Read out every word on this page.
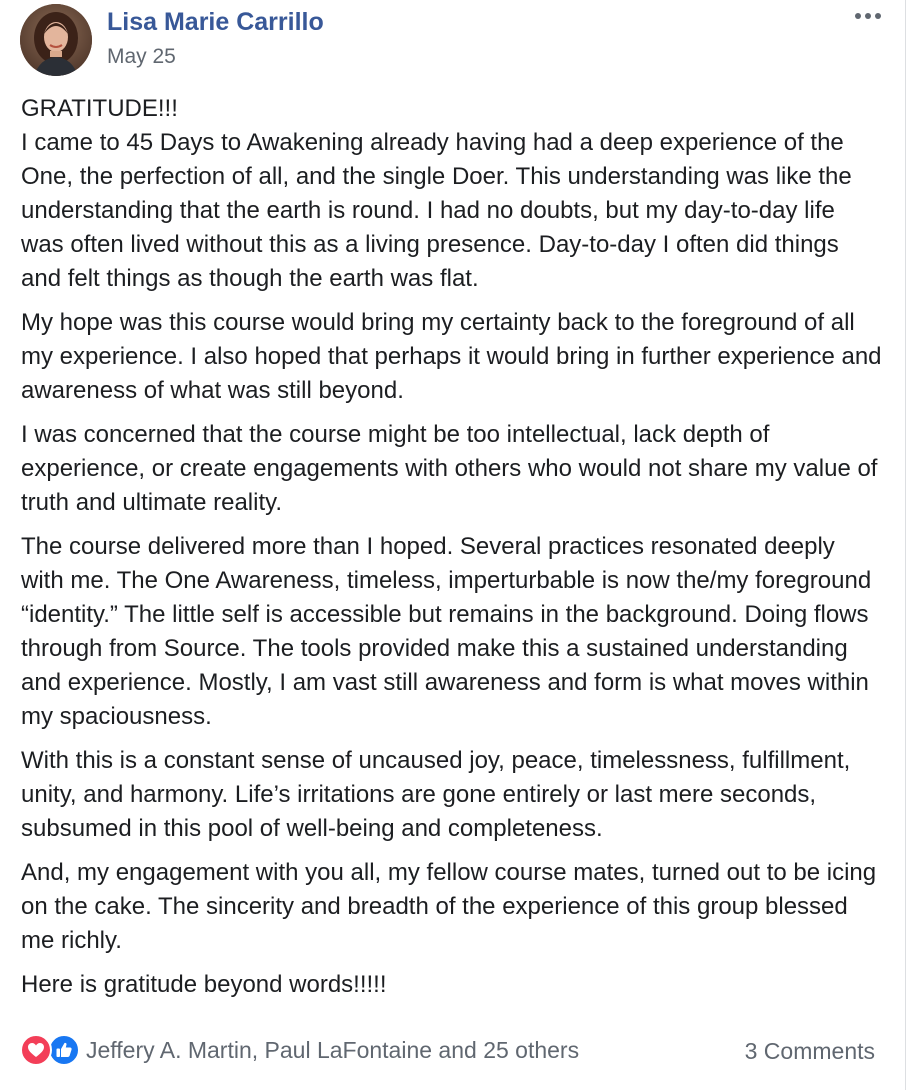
Lisa Marie Carrillo
May 25

GRATITUDE!!!
I came to 45 Days to Awakening already having had a deep experience of the One, the perfection of all, and the single Doer. This understanding was like the understanding that the earth is round. I had no doubts, but my day-to-day life was often lived without this as a living presence. Day-to-day I often did things and felt things as though the earth was flat.

My hope was this course would bring my certainty back to the foreground of all my experience. I also hoped that perhaps it would bring in further experience and awareness of what was still beyond.

I was concerned that the course might be too intellectual, lack depth of experience, or create engagements with others who would not share my value of truth and ultimate reality.

The course delivered more than I hoped. Several practices resonated deeply with me. The One Awareness, timeless, imperturbable is now the/my foreground “identity.” The little self is accessible but remains in the background. Doing flows through from Source. The tools provided make this a sustained understanding and experience. Mostly, I am vast still awareness and form is what moves within my spaciousness.

With this is a constant sense of uncaused joy, peace, timelessness, fulfillment, unity, and harmony. Life’s irritations are gone entirely or last mere seconds, subsumed in this pool of well-being and completeness.

And, my engagement with you all, my fellow course mates, turned out to be icing on the cake. The sincerity and breadth of the experience of this group blessed me richly.

Here is gratitude beyond words!!!!!

Jeffery A. Martin, Paul LaFontaine and 25 others	3 Comments
